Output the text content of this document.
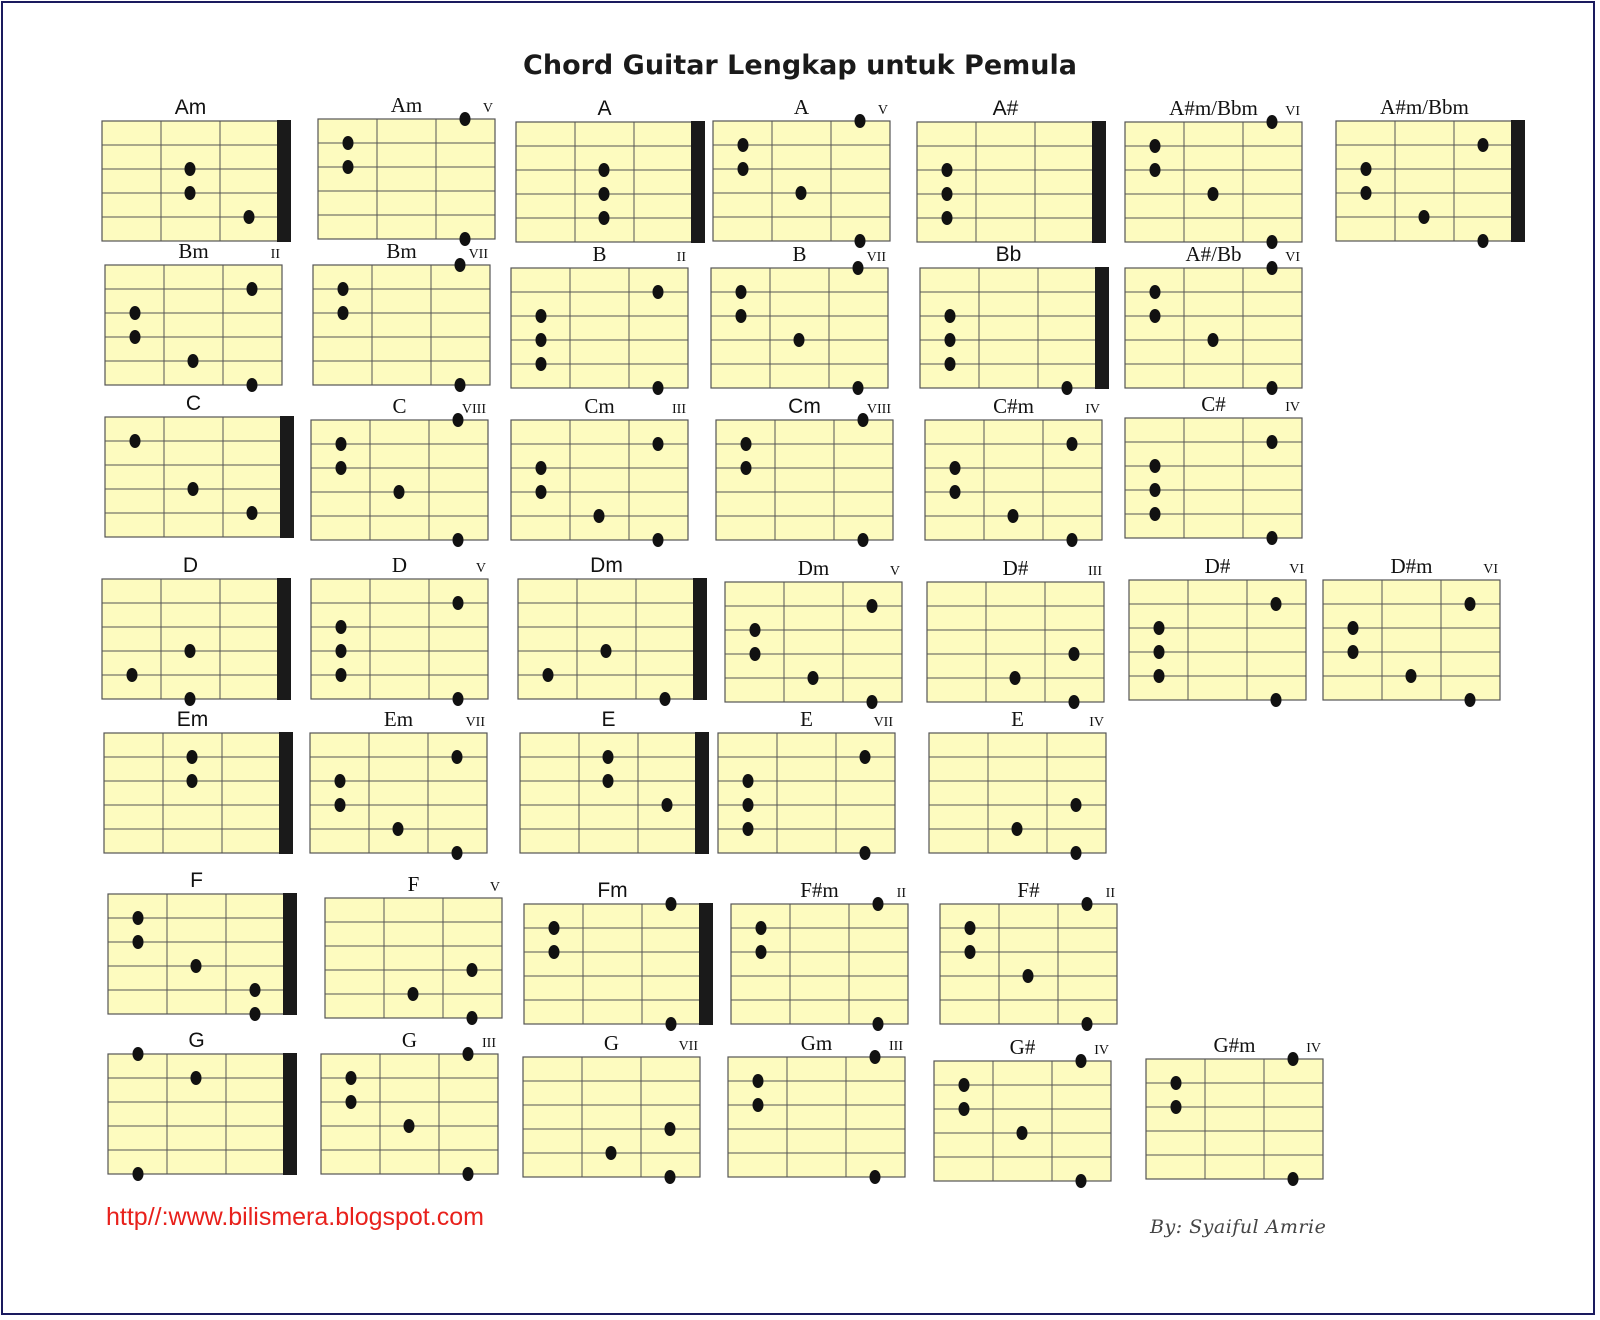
Chord Guitar Lengkap untuk Pemula
Am	Am	V	A	A	V	A#	A#m/Bbm VI	A#m/Bbm
Bm	II	Bm	VII	B	II	B	VII	Bb	A#/Bb	VI
C	C	VIII	Cm	III	Cm	VIII	C#m	IV	C#	IV
D	D	V	Dm	Dm	V	D#	III	D#	VI	D#m	VI
Em	Em	VII	E	E	VII	E	IV
F	F	V	Fm	F#m	II	F#	II
G	G	III	G	VII	Gm	III	G#	IV	G#m	IV
http//:www.bilismera.blogspot.com	By: Syaiful Amrie
